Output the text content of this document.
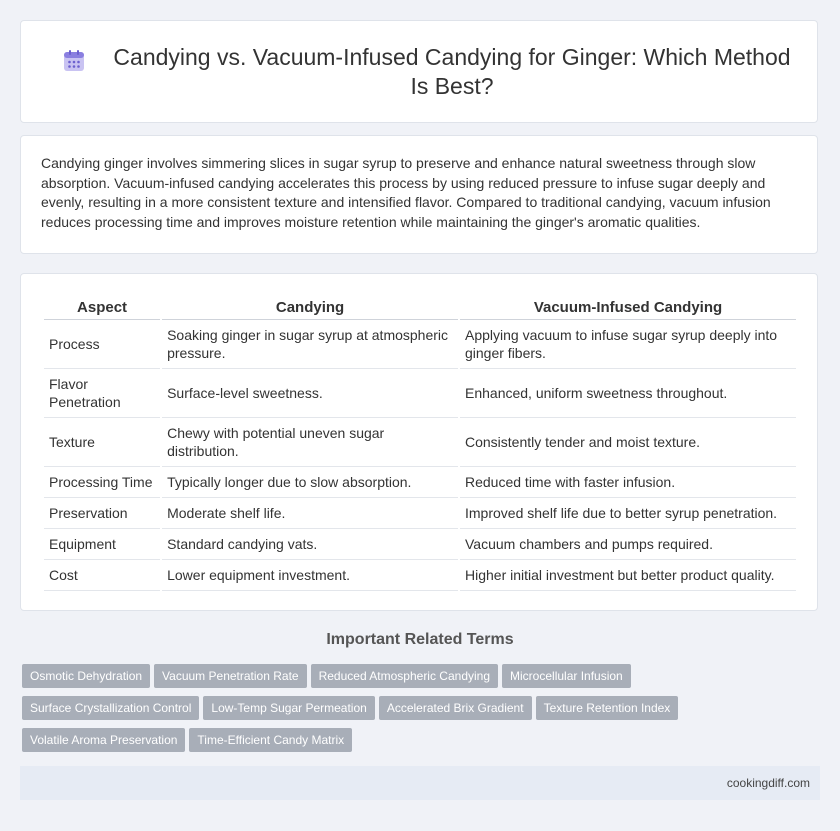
Candying vs. Vacuum-Infused Candying for Ginger: Which Method Is Best?

Candying ginger involves simmering slices in sugar syrup to preserve and enhance natural sweetness through slow absorption. Vacuum-infused candying accelerates this process by using reduced pressure to infuse sugar deeply and evenly, resulting in a more consistent texture and intensified flavor. Compared to traditional candying, vacuum infusion reduces processing time and improves moisture retention while maintaining the ginger's aromatic qualities.

Aspect	Candying	Vacuum-Infused Candying
Process	Soaking ginger in sugar syrup at atmospheric pressure.	Applying vacuum to infuse sugar syrup deeply into ginger fibers.
Flavor Penetration	Surface-level sweetness.	Enhanced, uniform sweetness throughout.
Texture	Chewy with potential uneven sugar distribution.	Consistently tender and moist texture.
Processing Time	Typically longer due to slow absorption.	Reduced time with faster infusion.
Preservation	Moderate shelf life.	Improved shelf life due to better syrup penetration.
Equipment	Standard candying vats.	Vacuum chambers and pumps required.
Cost	Lower equipment investment.	Higher initial investment but better product quality.
Important Related Terms
Osmotic Dehydration Vacuum Penetration Rate Reduced Atmospheric Candying Microcellular Infusion
Surface Crystallization Control Low-Temp Sugar Permeation Accelerated Brix Gradient Texture Retention Index
Volatile Aroma Preservation Time-Efficient Candy Matrix
cookingdiff.com
